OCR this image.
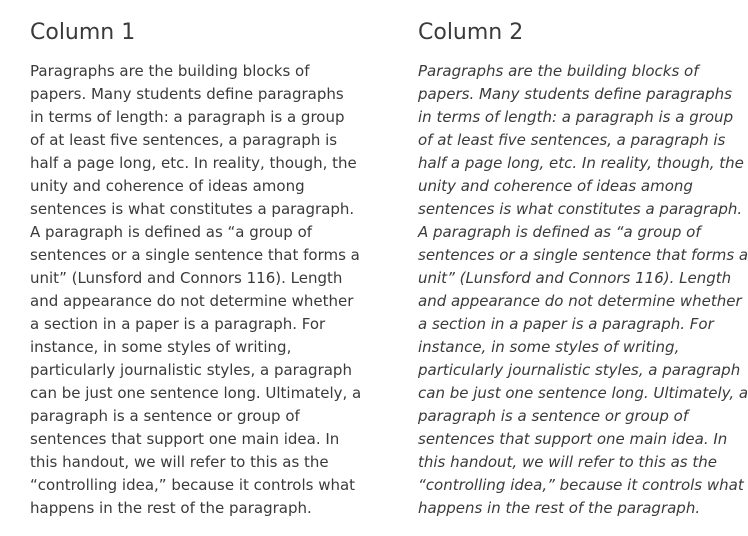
Column 1

Paragraphs are the building blocks of
papers. Many students define paragraphs
in terms of length: a paragraph is a group
of at least five sentences, a paragraph is
half a page long, etc. In reality, though, the
unity and coherence of ideas among
sentences is what constitutes a paragraph.
A paragraph is defined as “a group of
sentences or a single sentence that forms a
unit” (Lunsford and Connors 116). Length
and appearance do not determine whether
a section in a paper is a paragraph. For
instance, in some styles of writing,
particularly journalistic styles, a paragraph
can be just one sentence long. Ultimately, a
paragraph is a sentence or group of
sentences that support one main idea. In
this handout, we will refer to this as the
“controlling idea,” because it controls what
happens in the rest of the paragraph.

Column 2

Paragraphs are the building blocks of
papers. Many students define paragraphs
in terms of length: a paragraph is a group
of at least five sentences, a paragraph is
half a page long, etc. In reality, though, the
unity and coherence of ideas among
sentences is what constitutes a paragraph.
A paragraph is defined as “a group of
sentences or a single sentence that forms a
unit” (Lunsford and Connors 116). Length
and appearance do not determine whether
a section in a paper is a paragraph. For
instance, in some styles of writing,
particularly journalistic styles, a paragraph
can be just one sentence long. Ultimately, a
paragraph is a sentence or group of
sentences that support one main idea. In
this handout, we will refer to this as the
“controlling idea,” because it controls what
happens in the rest of the paragraph.
